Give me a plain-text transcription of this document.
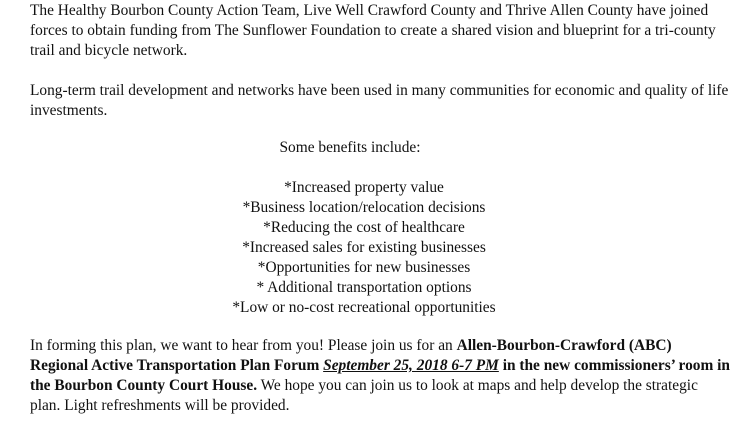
The Healthy Bourbon County Action Team, Live Well Crawford County and Thrive Allen County have joined forces to obtain funding from The Sunflower Foundation to create a shared vision and blueprint for a tri-county trail and bicycle network.

Long-term trail development and networks have been used in many communities for economic and quality of life investments.

Some benefits include:

*Increased property value
*Business location/relocation decisions
*Reducing the cost of healthcare
*Increased sales for existing businesses
*Opportunities for new businesses
* Additional transportation options
*Low or no-cost recreational opportunities

In forming this plan, we want to hear from you! Please join us for an Allen-Bourbon-Crawford (ABC) Regional Active Transportation Plan Forum September 25, 2018 6-7 PM in the new commissioners’ room in the Bourbon County Court House. We hope you can join us to look at maps and help develop the strategic plan. Light refreshments will be provided.
